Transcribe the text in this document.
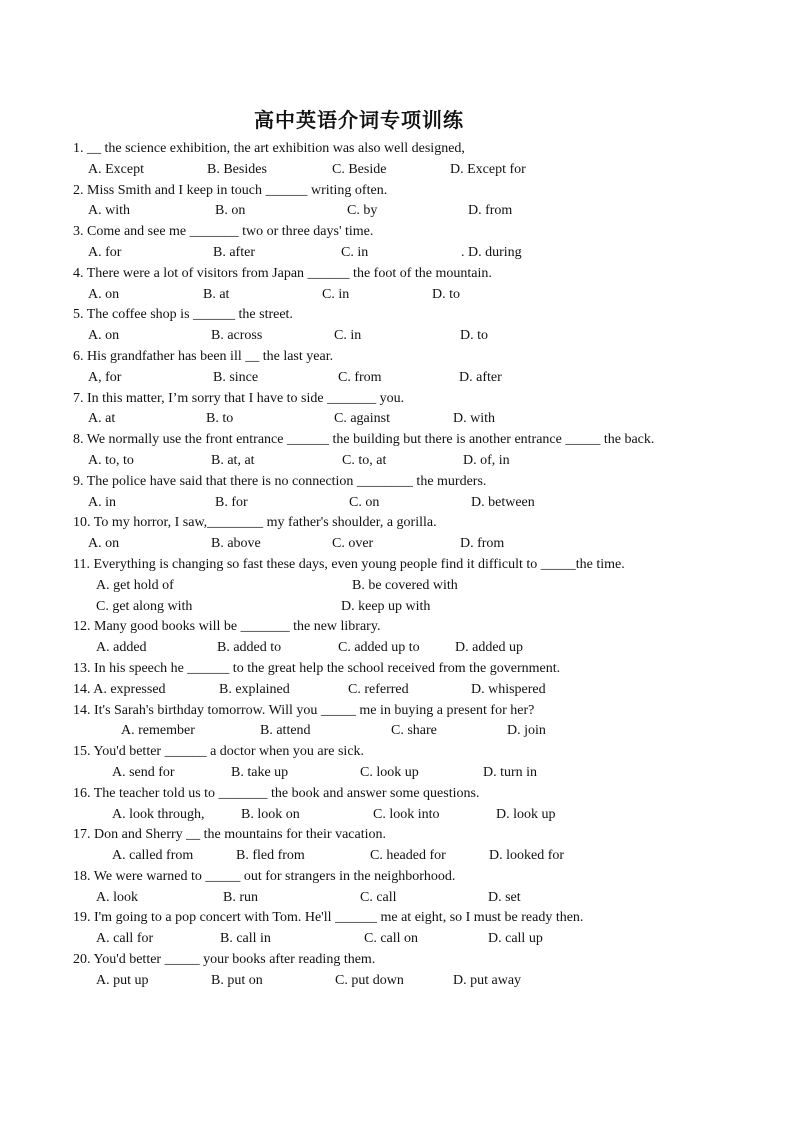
高中英语介词专项训练
1. __ the science exhibition, the art exhibition was also well designed,
A. Except	B. Besides	C. Beside	D. Except for
2. Miss Smith and I keep in touch ______ writing often.
A. with	B. on	C. by	D. from
3. Come and see me _______ two or three days' time.
A. for	B. after	C. in	. D. during
4. There were a lot of visitors from Japan ______ the foot of the mountain.
A. on	B. at	C. in	D. to
5. The coffee shop is ______ the street.
A. on	B. across	C. in	D. to
6. His grandfather has been ill __ the last year.
A, for	B. since	C. from	D. after
7. In this matter, I’m sorry that I have to side _______ you.
A. at	B. to	C. against	D. with
8. We normally use the front entrance ______ the building but there is another entrance _____ the back.
A. to, to	B. at, at	C. to, at	D. of, in
9. The police have said that there is no connection ________ the murders.
A. in	B. for	C. on	D. between
10. To my horror, I saw,________ my father's shoulder, a gorilla.
A. on	B. above	C. over	D. from
11. Everything is changing so fast these days, even young people find it difficult to _____the time.
A. get hold of	B. be covered with
C. get along with	D. keep up with
12. Many good books will be _______ the new library.
A. added	B. added to	C. added up to	D. added up
13. In his speech he ______ to the great help the school received from the government.
14. A. expressed	B. explained	C. referred	D. whispered
14. It's Sarah's birthday tomorrow. Will you _____ me in buying a present for her?
A. remember	B. attend	C. share	D. join
15. You'd better ______ a doctor when you are sick.
A. send for	B. take up	C. look up	D. turn in
16. The teacher told us to _______ the book and answer some questions.
A. look through,	B. look on	C. look into	D. look up
17. Don and Sherry __ the mountains for their vacation.
A. called from	B. fled from	C. headed for	D. looked for
18. We were warned to _____ out for strangers in the neighborhood.
A. look	B. run	C. call	D. set
19. I'm going to a pop concert with Tom. He'll ______ me at eight, so I must be ready then.
A. call for	B. call in	C. call on	D. call up
20. You'd better _____ your books after reading them.
A. put up	B. put on	C. put down	D. put away
